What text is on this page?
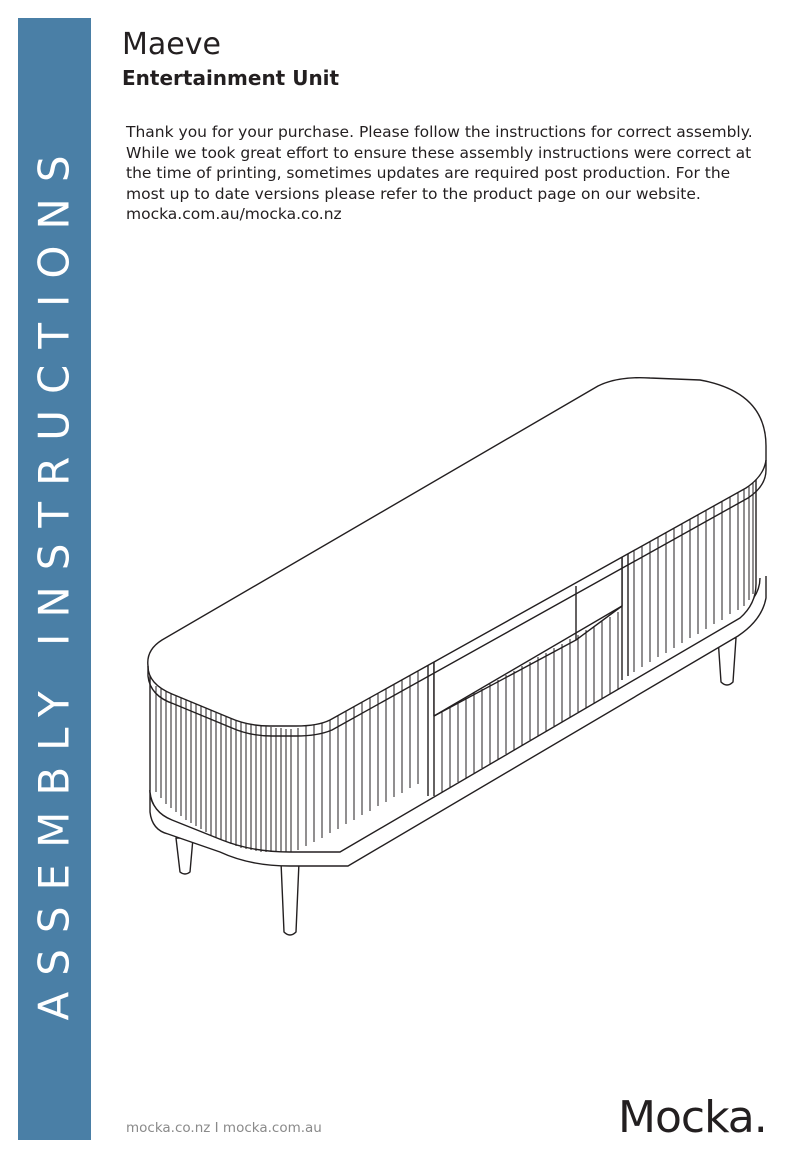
ASSEMBLY INSTRUCTIONS
Maeve
Entertainment Unit

Thank you for your purchase. Please follow the instructions for correct assembly. While we took great effort to ensure these assembly instructions were correct at the time of printing, sometimes updates are required post production. For the most up to date versions please refer to the product page on our website. mocka.com.au/mocka.co.nz

mocka.co.nz I mocka.com.au	Mocka.
